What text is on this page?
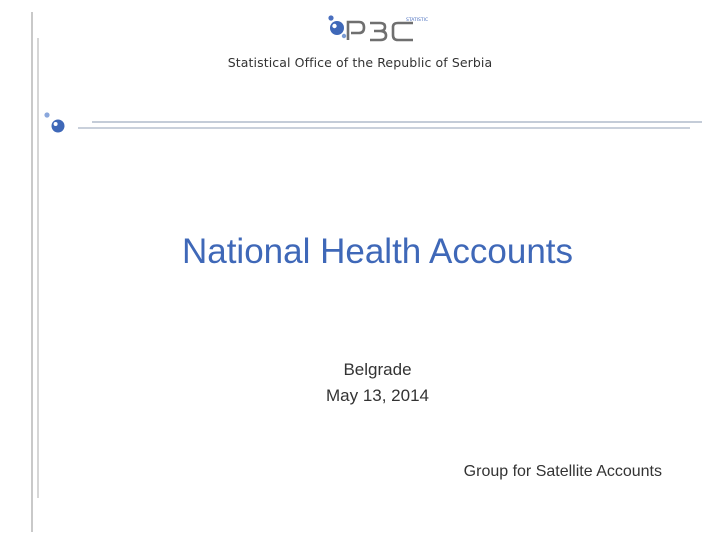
STATISTIC
Statistical Office of the Republic of Serbia
National Health Accounts
Belgrade
May 13, 2014
Group for Satellite Accounts
